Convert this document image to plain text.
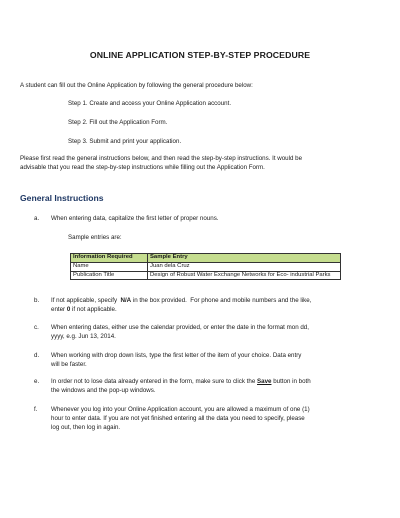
ONLINE APPLICATION STEP-BY-STEP PROCEDURE
A student can fill out the Online Application by following the general procedure below:
Step 1. Create and access your Online Application account.
Step 2. Fill out the Application Form.
Step 3. Submit and print your application.
Please first read the general instructions below, and then read the step-by-step instructions. It would be
advisable that you read the step-by-step instructions while filling out the Application Form.
General Instructions
a. When entering data, capitalize the first letter of proper nouns.
Sample entries are:
Information Required	Sample Entry
Name	Juan dela Cruz
Publication Title	Design of Robust Water Exchange Networks for Eco- industrial Parks
b. If not applicable, specify  N/A in the box provided.  For phone and mobile numbers and the like,
enter 0 if not applicable.
c. When entering dates, either use the calendar provided, or enter the date in the format mon dd,
yyyy, e.g. Jun 13, 2014.
d. When working with drop down lists, type the first letter of the item of your choice. Data entry
will be faster.
e. In order not to lose data already entered in the form, make sure to click the Save button in both
the windows and the pop-up windows.
f. Whenever you log into your Online Application account, you are allowed a maximum of one (1)
hour to enter data. If you are not yet finished entering all the data you need to specify, please
log out, then log in again.
